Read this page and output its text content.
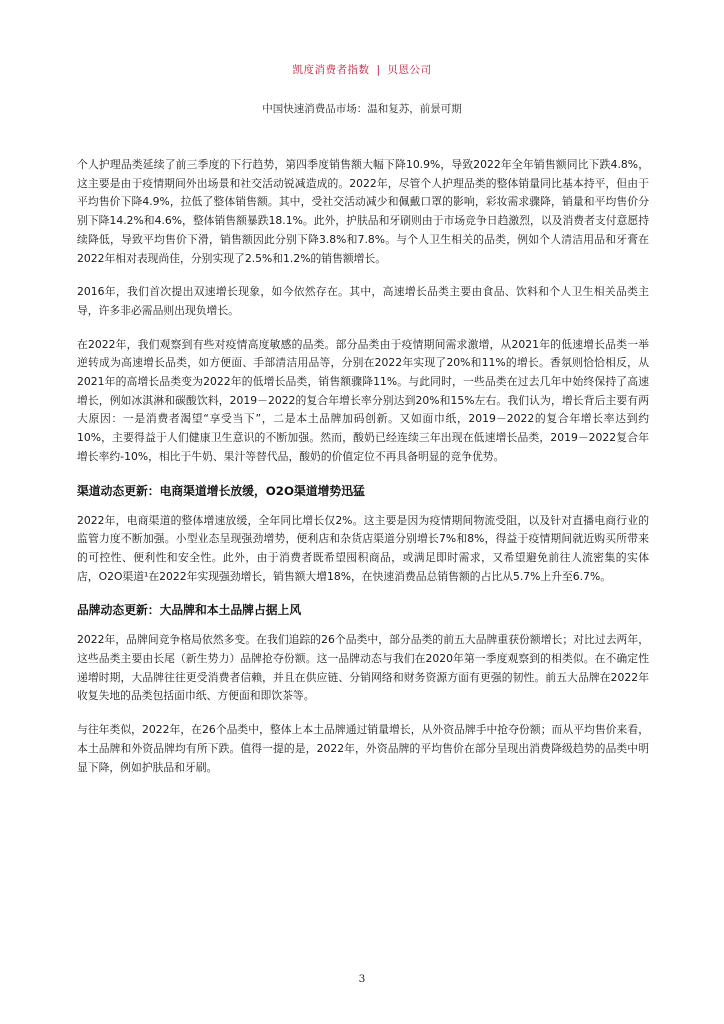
凯度消费者指数 | 贝恩公司
中国快速消费品市场：温和复苏，前景可期

个人护理品类延续了前三季度的下行趋势，第四季度销售额大幅下降10.9%，导致2022年全年销售额同比下跌4.8%，这主要是由于疫情期间外出场景和社交活动锐减造成的。2022年，尽管个人护理品类的整体销量同比基本持平，但由于平均售价下降4.9%，拉低了整体销售额。其中，受社交活动减少和佩戴口罩的影响，彩妆需求骤降，销量和平均售价分别下降14.2%和4.6%，整体销售额暴跌18.1%。此外，护肤品和牙刷则由于市场竞争日趋激烈，以及消费者支付意愿持续降低，导致平均售价下滑，销售额因此分别下降3.8%和7.8%。与个人卫生相关的品类，例如个人清洁用品和牙膏在2022年相对表现尚佳，分别实现了2.5%和1.2%的销售额增长。

2016年，我们首次提出双速增长现象，如今依然存在。其中，高速增长品类主要由食品、饮料和个人卫生相关品类主导，许多非必需品则出现负增长。

在2022年，我们观察到有些对疫情高度敏感的品类。部分品类由于疫情期间需求激增，从2021年的低速增长品类一举逆转成为高速增长品类，如方便面、手部清洁用品等，分别在2022年实现了20%和11%的增长。香氛则恰恰相反，从2021年的高增长品类变为2022年的低增长品类，销售额骤降11%。与此同时，一些品类在过去几年中始终保持了高速增长，例如冰淇淋和碳酸饮料，2019－2022的复合年增长率分别达到20%和15%左右。我们认为，增长背后主要有两大原因：一是消费者渴望“享受当下”，二是本土品牌加码创新。又如面巾纸，2019－2022的复合年增长率达到约10%，主要得益于人们健康卫生意识的不断加强。然而，酸奶已经连续三年出现在低速增长品类，2019－2022复合年增长率约-10%，相比于牛奶、果汁等替代品，酸奶的价值定位不再具备明显的竞争优势。

渠道动态更新：电商渠道增长放缓，O2O渠道增势迅猛

2022年，电商渠道的整体增速放缓，全年同比增长仅2%。这主要是因为疫情期间物流受阻，以及针对直播电商行业的监管力度不断加强。小型业态呈现强劲增势，便利店和杂货店渠道分别增长7%和8%，得益于疫情期间就近购买所带来的可控性、便利性和安全性。此外，由于消费者既希望囤积商品，或满足即时需求，又希望避免前往人流密集的实体店，O2O渠道¹在2022年实现强劲增长，销售额大增18%，在快速消费品总销售额的占比从5.7%上升至6.7%。

品牌动态更新：大品牌和本土品牌占据上风

2022年，品牌间竞争格局依然多变。在我们追踪的26个品类中，部分品类的前五大品牌重获份额增长；对比过去两年，这些品类主要由长尾（新生势力）品牌抢夺份额。这一品牌动态与我们在2020年第一季度观察到的相类似。在不确定性递增时期，大品牌往往更受消费者信赖，并且在供应链、分销网络和财务资源方面有更强的韧性。前五大品牌在2022年收复失地的品类包括面巾纸、方便面和即饮茶等。

与往年类似，2022年，在26个品类中，整体上本土品牌通过销量增长，从外资品牌手中抢夺份额；而从平均售价来看，本土品牌和外资品牌均有所下跌。值得一提的是，2022年，外资品牌的平均售价在部分呈现出消费降级趋势的品类中明显下降，例如护肤品和牙刷。

3
